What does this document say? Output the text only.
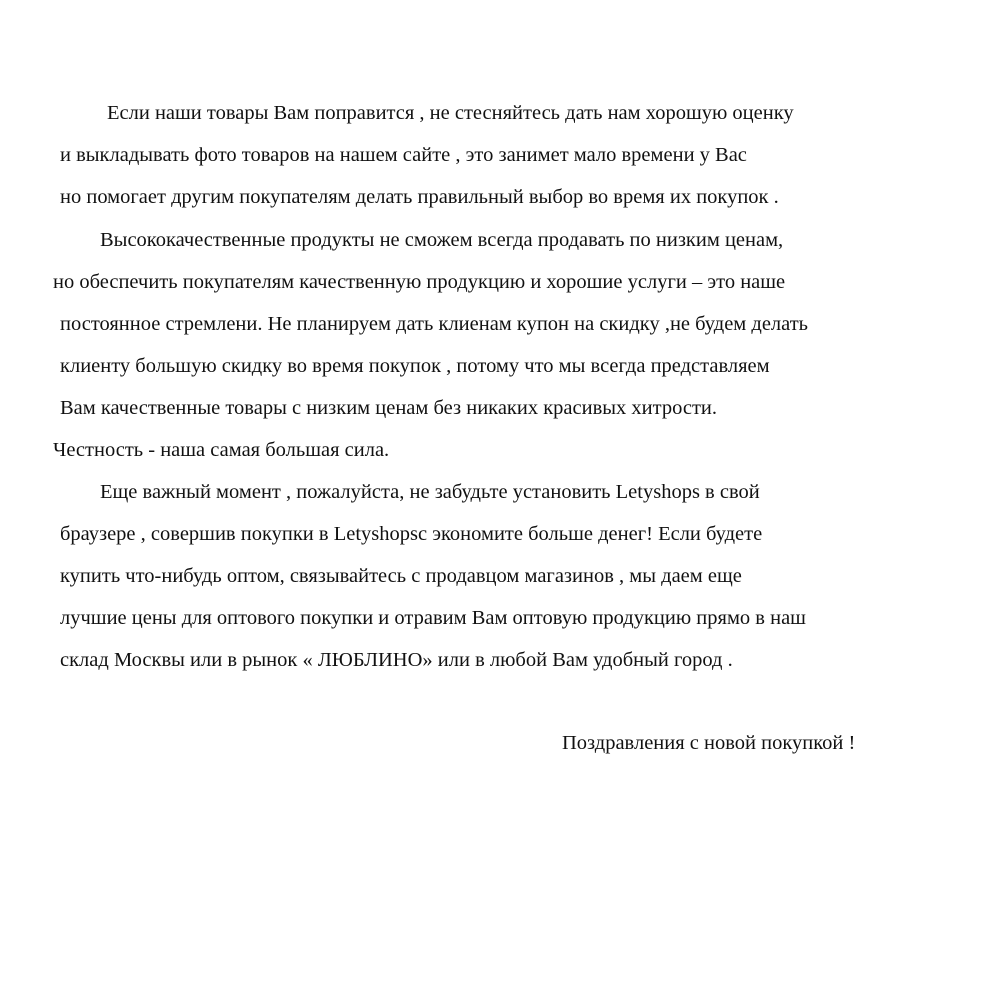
Если наши товары Вам поправится , не стесняйтесь дать нам хорошую оценку
и выкладывать фото товаров на нашем сайте , это занимет мало времени у Вас
но помогает другим покупателям делать правильный выбор во время их покупок .
Высококачественные продукты не сможем всегда продавать по низким ценам,
но обеспечить покупателям качественную продукцию и хорошие услуги – это наше
постоянное стремлени. Не планируем дать клиенам купон на скидку ,не будем делать
клиенту большую скидку во время покупок , потому что мы всегда представляем
Вам качественные товары с низким ценам без никаких красивых хитрости.
Честность - наша самая большая сила.
Еще важный момент , пожалуйста, не забудьте установить Letyshops в свой
браузере , совершив покупки в Letyshopsс экономите больше денег! Если будете
купить что-нибудь оптом, связывайтесь с продавцом магазинов , мы даем еще
лучшие цены для оптового покупки и отравим Вам оптовую продукцию прямо в наш
склад Москвы или в рынок « ЛЮБЛИНО» или в любой Вам удобный город .
Поздравления с новой покупкой !
